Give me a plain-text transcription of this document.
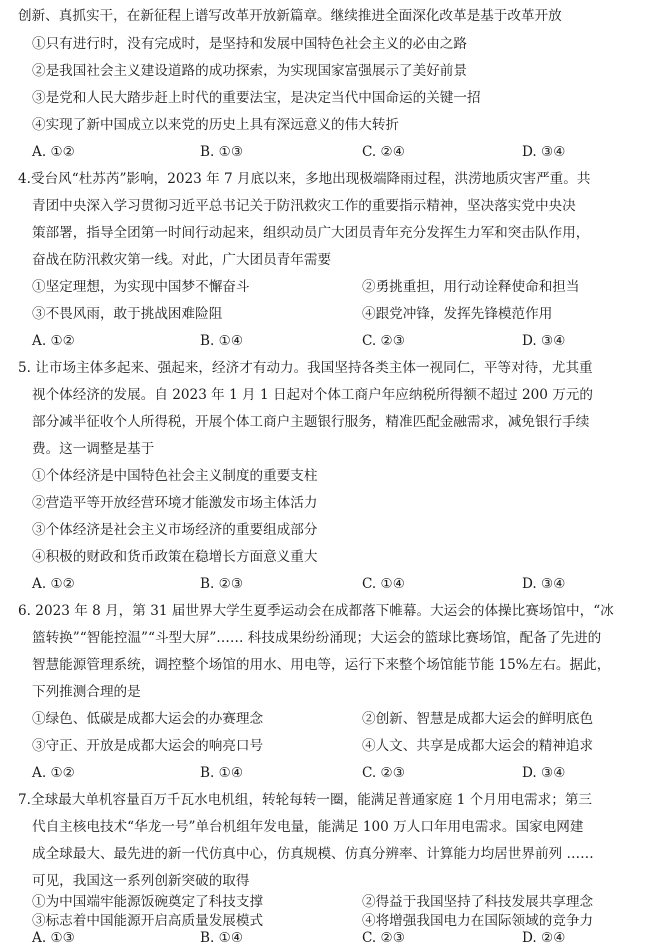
创新、真抓实干，在新征程上谱写改革开放新篇章。继续推进全面深化改革是基于改革开放
①只有进行时，没有完成时，是坚持和发展中国特色社会主义的必由之路
②是我国社会主义建设道路的成功探索，为实现国家富强展示了美好前景
③是党和人民大踏步赶上时代的重要法宝，是决定当代中国命运的关键一招
④实现了新中国成立以来党的历史上具有深远意义的伟大转折
A. ①②	B. ①③	C. ②④	D. ③④
4.受台风“杜苏芮”影响，2023 年 7 月底以来，多地出现极端降雨过程，洪涝地质灾害严重。共
青团中央深入学习贯彻习近平总书记关于防汛救灾工作的重要指示精神，坚决落实党中央决
策部署，指导全团第一时间行动起来，组织动员广大团员青年充分发挥生力军和突击队作用，
奋战在防汛救灾第一线。对此，广大团员青年需要
①坚定理想，为实现中国梦不懈奋斗	②勇挑重担，用行动诠释使命和担当
③不畏风雨，敢于挑战困难险阻	④跟党冲锋，发挥先锋模范作用
A. ①②	B. ①④	C. ②③	D. ③④
5. 让市场主体多起来、强起来，经济才有动力。我国坚持各类主体一视同仁，平等对待，尤其重
视个体经济的发展。自 2023 年 1 月 1 日起对个体工商户年应纳税所得额不超过 200 万元的
部分减半征收个人所得税，开展个体工商户主题银行服务，精准匹配金融需求，减免银行手续
费。这一调整是基于
①个体经济是中国特色社会主义制度的重要支柱
②营造平等开放经营环境才能激发市场主体活力
③个体经济是社会主义市场经济的重要组成部分
④积极的财政和货币政策在稳增长方面意义重大
A. ①②	B. ②③	C. ①④	D. ③④
6. 2023 年 8 月，第 31 届世界大学生夏季运动会在成都落下帷幕。大运会的体操比赛场馆中，“冰
篮转换”“智能控温”“斗型大屏”…… 科技成果纷纷涌现；大运会的篮球比赛场馆，配备了先进的
智慧能源管理系统，调控整个场馆的用水、用电等，运行下来整个场馆能节能 15%左右。据此，
下列推测合理的是
①绿色、低碳是成都大运会的办赛理念	②创新、智慧是成都大运会的鲜明底色
③守正、开放是成都大运会的响亮口号	④人文、共享是成都大运会的精神追求
A. ①②	B. ①④	C. ②③	D. ③④
7.全球最大单机容量百万千瓦水电机组，转轮每转一圈，能满足普通家庭 1 个月用电需求；第三
代自主核电技术“华龙一号”单台机组年发电量，能满足 100 万人口年用电需求。国家电网建
成全球最大、最先进的新一代仿真中心，仿真规模、仿真分辨率、计算能力均居世界前列 ……
可见，我国这一系列创新突破的取得
①为中国端牢能源饭碗奠定了科技支撑	②得益于我国坚持了科技发展共享理念
③标志着中国能源开启高质量发展模式	④将增强我国电力在国际领域的竞争力
A. ①③	B. ①④	C. ②③	D. ②④
